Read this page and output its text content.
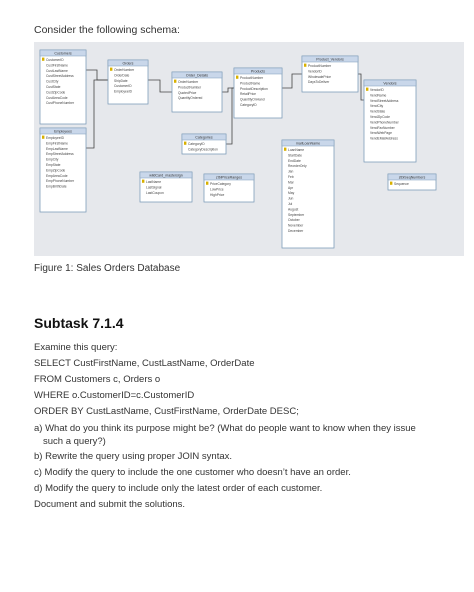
Consider the following schema:
Customers
CustomerID
CustFirstName
CustLastName
CustStreetAddress
CustCity
CustState
CustZipCode
CustAreaCode
CustPhoneNumber
Orders
OrderNumber
OrderDate
ShipDate
CustomerID
EmployeeID
Order_Details
OrderNumber
ProductNumber
QuotedPrice
QuantityOrdered
Products
ProductNumber
ProductName
ProductDescription
RetailPrice
QuantityOnHand
CategoryID
Product_Vendors
ProductNumber
VendorID
WholesalePrice
DaysToDeliver	Vendors
VendorID
VendName
VendStreetAddress
VendCity
VendState
VendZipCode
VendPhoneNumber
VendFaxNumber
VendWebPage
VendEMailAddress
Employees
EmployeeID
EmpFirstName
EmpLastName
EmpStreetAddress
EmpCity
EmpState
EmpZipCode
EmpAreaCode
EmpPhoneNumber
EmpBirthDate
Categories
CategoryID
CategoryDescription
mailLoanName
LoanName
StartDate
EndDate
ReorderOnly
Jan
Feb
Mar
Apr
May
Jun
Jul
August
September
October
November
December
wildCard_mastersign
LastName
LastSignal
LastCoupon
ztblPriceRanges
PriceCategory
LowPrice
HighPrice
ztblSeqNumbers
Sequence
Figure 1: Sales Orders Database
Subtask 7.1.4
Examine this query:
SELECT CustFirstName, CustLastName, OrderDate
FROM Customers c, Orders o
WHERE o.CustomerID=c.CustomerID
ORDER BY CustLastName, CustFirstName, OrderDate DESC;
a) What do you think its purpose might be? (What do people want to know when they issue
such a query?)
b) Rewrite the query using proper JOIN syntax.
c) Modify the query to include the one customer who doesn’t have an order.
d) Modify the query to include only the latest order of each customer.
Document and submit the solutions.
